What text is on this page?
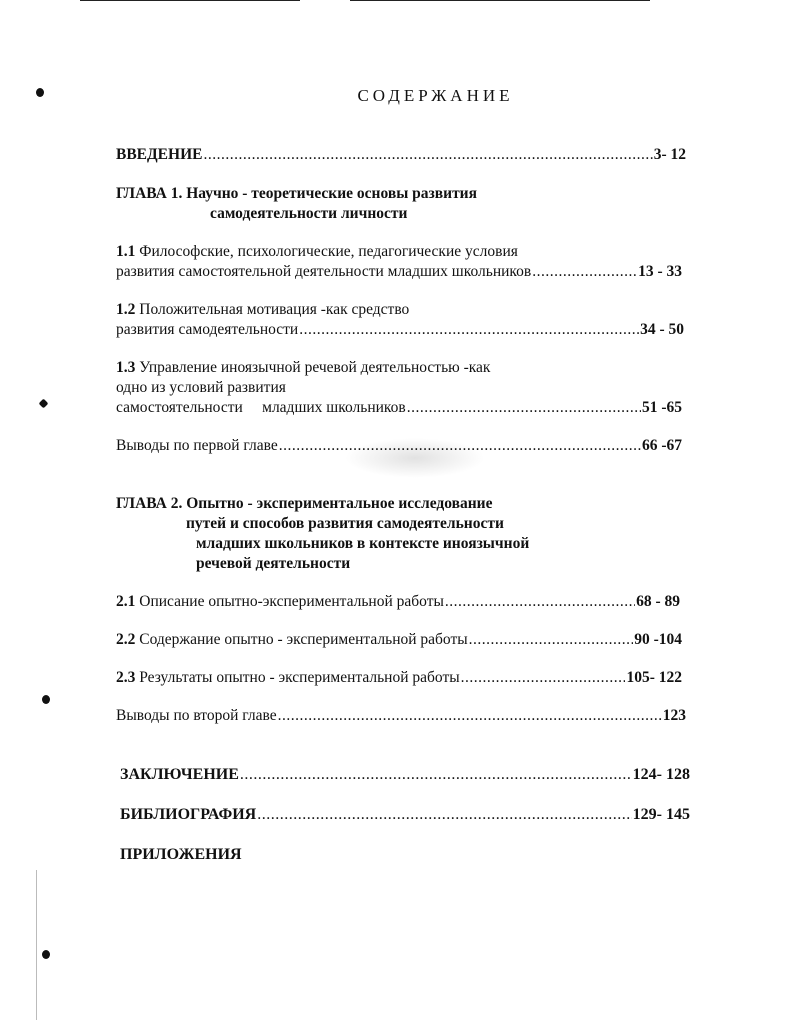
СОДЕРЖАНИЕ
ВВЕДЕНИЕ .....	3- 12
ГЛАВА 1. Научно - теоретические основы развития
самодеятельности личности
1.1 Философские, психологические, педагогические условия
развития самостоятельной деятельности младших школьников .....	13 - 33
1.2 Положительная мотивация -как средство
развития самодеятельности .....	34 - 50
1.3 Управление иноязычной речевой деятельностью -как
одно из условий развития
самостоятельности     младших школьников .....	51 -65
Выводы по первой главе .....	66 -67
ГЛАВА 2. Опытно - экспериментальное исследование
путей и способов развития самодеятельности
младших школьников в контексте иноязычной
речевой деятельности
2.1 Описание опытно-экспериментальной работы .....	68 - 89
2.2 Содержание опытно - экспериментальной работы .....	90 -104
2.3 Результаты опытно - экспериментальной работы .....	105- 122
Выводы по второй главе .....	123
ЗАКЛЮЧЕНИЕ .....	124- 128
БИБЛИОГРАФИЯ .....	129- 145
ПРИЛОЖЕНИЯ
